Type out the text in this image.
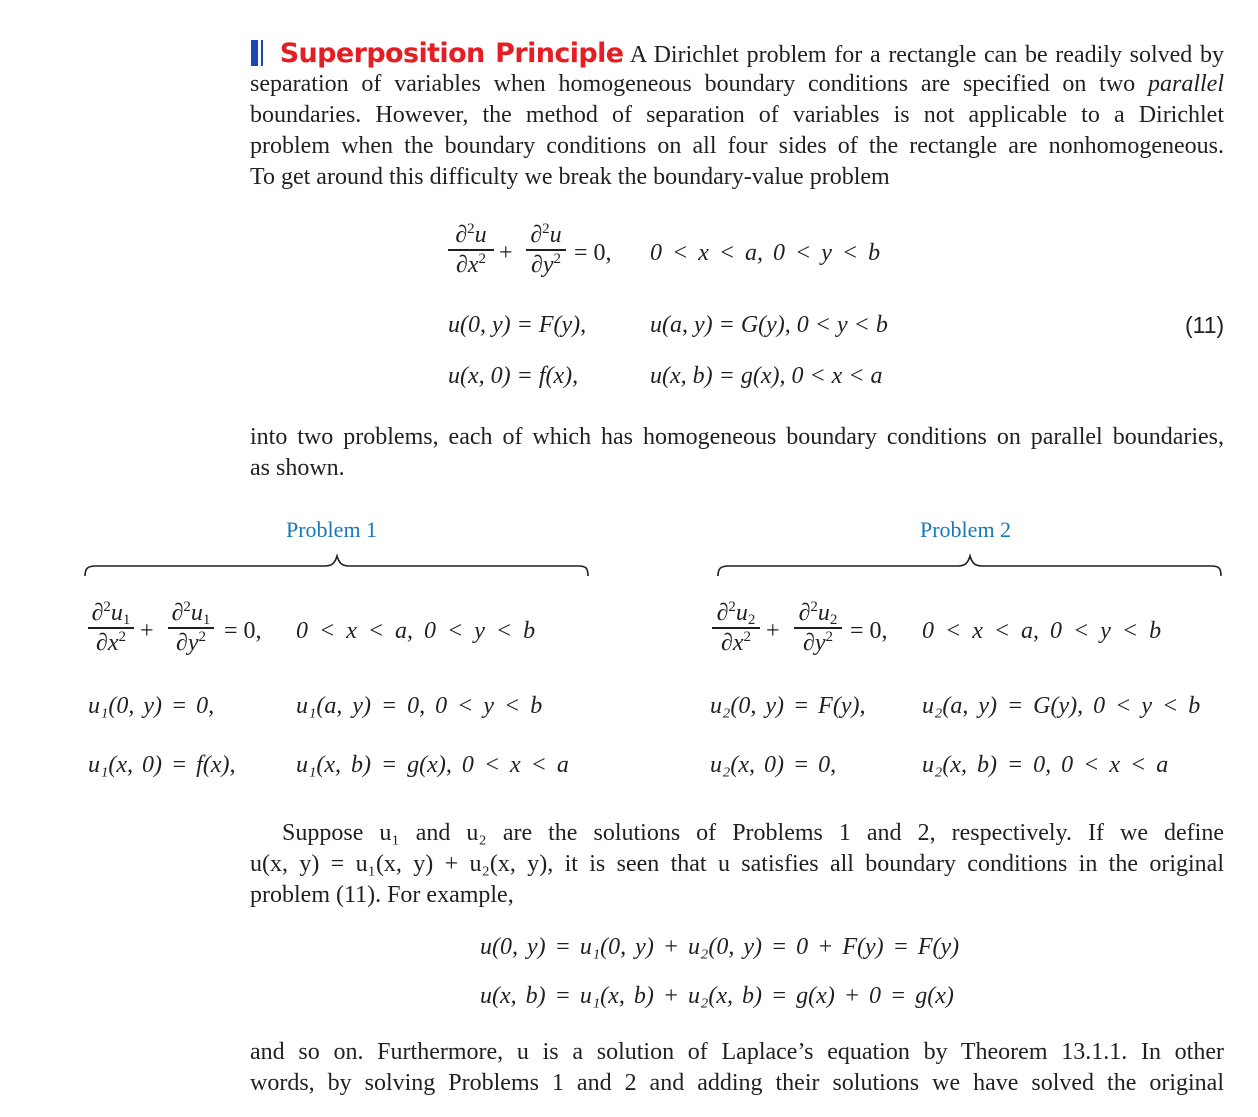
Superposition Principle A Dirichlet problem for a rectangle can be readily solved by
separation of variables when homogeneous boundary conditions are specified on two parallel
boundaries. However, the method of separation of variables is not applicable to a Dirichlet
problem when the boundary conditions on all four sides of the rectangle are nonhomogeneous.
To get around this difficulty we break the boundary-value problem
∂$^2$u
$\partial x^2$ +
∂$^2$u
$\partial y^2 = 0$, 0 < x < a, 0 < y < b
u(0, y) = F(y),	u(a, y) = G(y), 0 < y < b	(11)
u(x, 0) = f(x),	u(x, b) = g(x), 0 < x < a
into two problems, each of which has homogeneous boundary conditions on parallel boundaries,
as shown.
Problem 1	Problem 2
$\partial^2u_1$
$\partial x^2$ +
$\partial^2u_1$
$\partial y^2 = 0$, 0 < x < a, 0 < y < b
u₁(0, y) = 0,	u₁(a, y) = 0, 0 < y < b
u₁(x, 0) = f(x),	u₁(x, b) = g(x), 0 < x < a
$\partial^2u_2$
$\partial x^2$ +
$\partial^2u_2$
$\partial y^2 = 0$, 0 < x < a, 0 < y < b
u₂(0, y) = F(y), u₂(a, y) = G(y), 0 < y < b
u₂(x, 0) = 0,	u₂(x, b) = 0, 0 < x < a
Suppose u₁ and u₂ are the solutions of Problems 1 and 2, respectively. If we define
u(x, y) = u₁(x, y) + u₂(x, y), it is seen that u satisfies all boundary conditions in the original
problem (11). For example,
u(0, y) = u₁(0, y) + u₂(0, y) = 0 + F(y) = F(y)
u(x, b) = u₁(x, b) + u₂(x, b) = g(x) + 0 = g(x)
and so on. Furthermore, u is a solution of Laplace’s equation by Theorem 13.1.1. In other
words, by solving Problems 1 and 2 and adding their solutions we have solved the original
